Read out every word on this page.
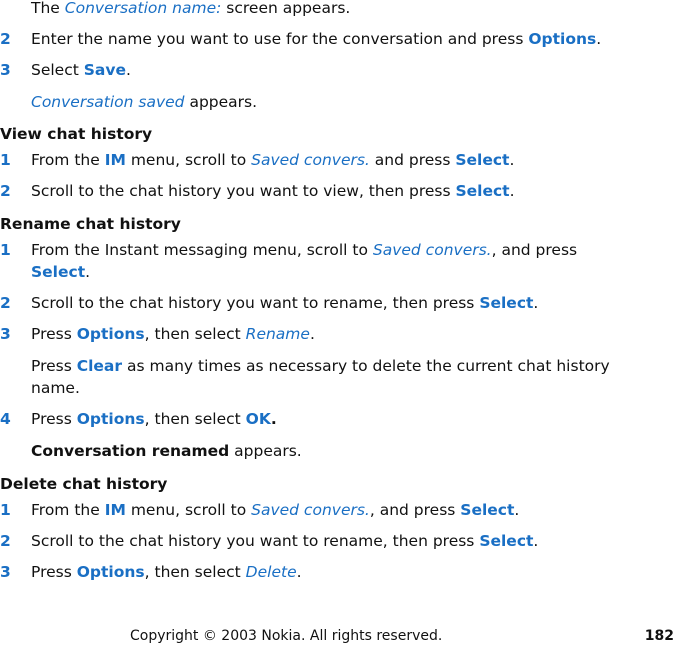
The Conversation name: screen appears.
2	Enter the name you want to use for the conversation and press Options.
3	Select Save.
Conversation saved appears.
View chat history
1	From the IM menu, scroll to Saved convers. and press Select.
2	Scroll to the chat history you want to view, then press Select.
Rename chat history
1	From the Instant messaging menu, scroll to Saved convers., and press
Select.
2	Scroll to the chat history you want to rename, then press Select.
3	Press Options, then select Rename.
Press Clear as many times as necessary to delete the current chat history
name.
4	Press Options, then select OK.
Conversation renamed appears.
Delete chat history
1	From the IM menu, scroll to Saved convers., and press Select.
2	Scroll to the chat history you want to rename, then press Select.
3	Press Options, then select Delete.
Copyright © 2003 Nokia. All rights reserved.	182
